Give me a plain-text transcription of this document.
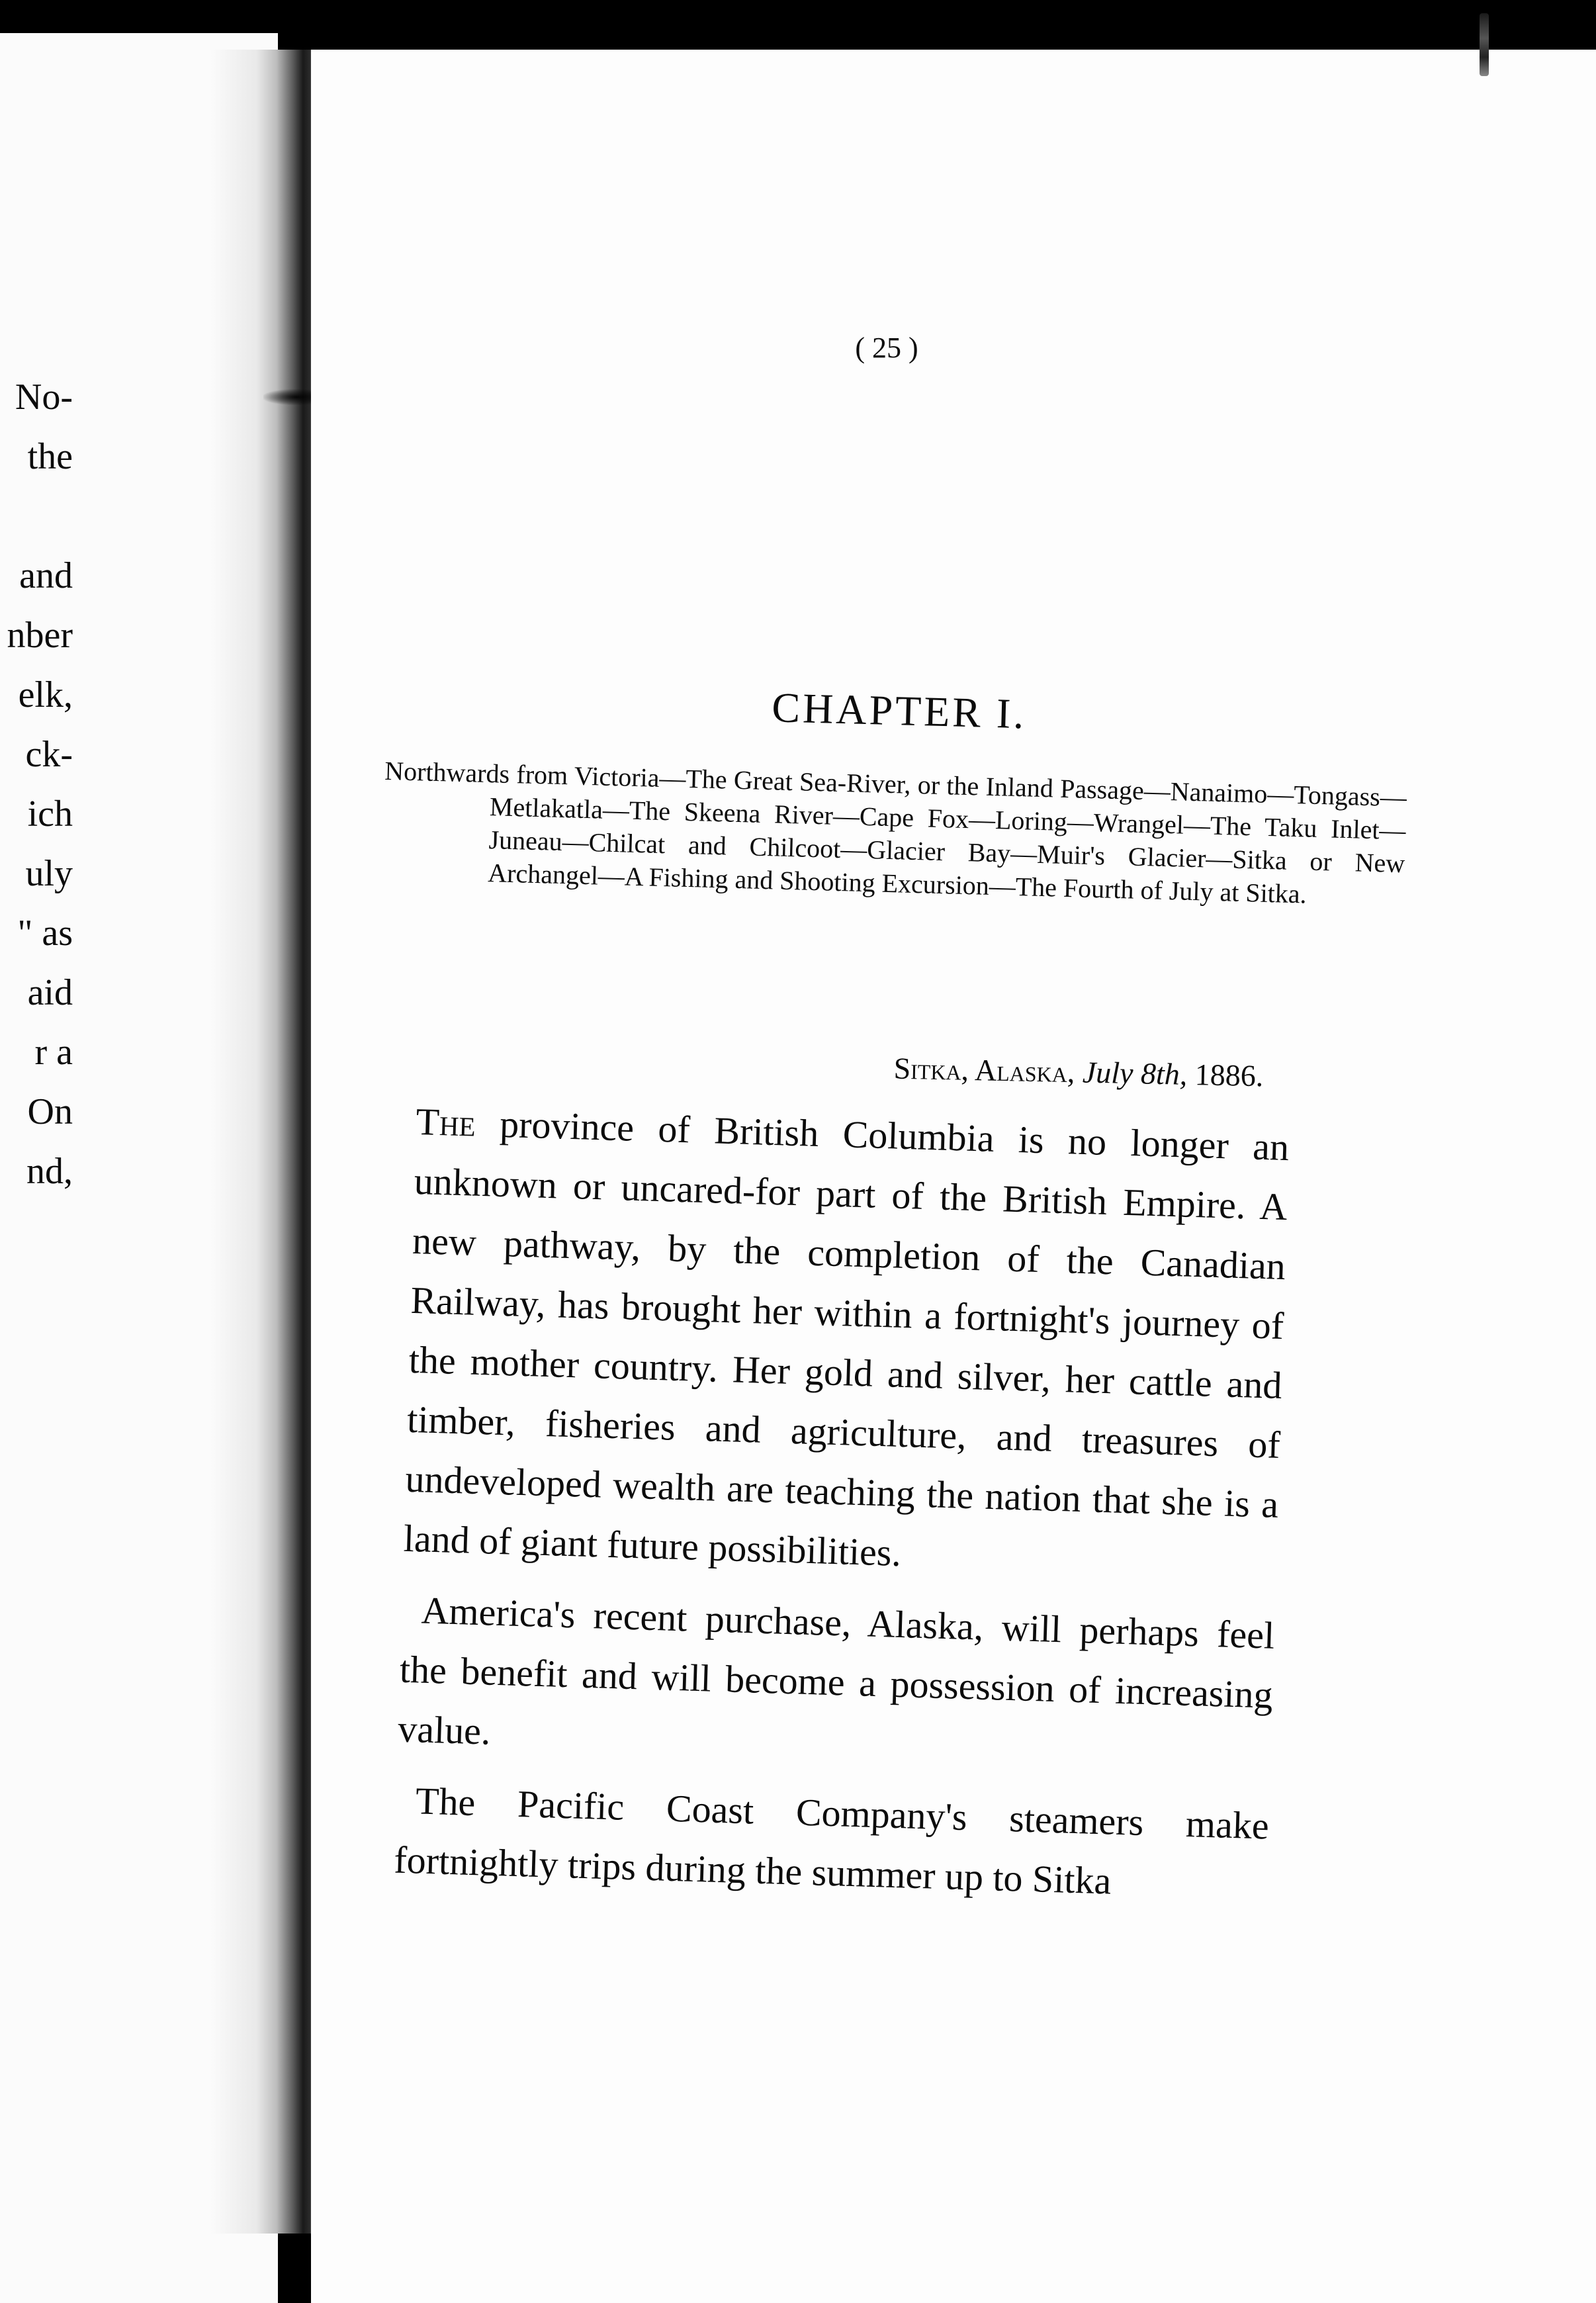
No-
the

and
nber
elk,
ck-
ich
uly
" as
aid
r a
On
nd,
( 25 )
CHAPTER I.
Northwards from Victoria—The Great Sea-River, or the Inland Passage—Nanaimo—Tongass—Metlakatla—The Skeena River—Cape Fox—Loring—Wrangel—The Taku Inlet—Juneau—Chilcat and Chilcoot—Glacier Bay—Muir's Glacier—Sitka or New Archangel—A Fishing and Shooting Excursion—The Fourth of July at Sitka.
Sitka, Alaska, July 8th, 1886.

The province of British Columbia is no longer an unknown or uncared-for part of the British Empire. A new pathway, by the completion of the Canadian Railway, has brought her within a fortnight's journey of the mother country. Her gold and silver, her cattle and timber, fisheries and agriculture, and treasures of undeveloped wealth are teaching the nation that she is a land of giant future possibilities.

America's recent purchase, Alaska, will perhaps feel the benefit and will become a possession of increasing value.

The Pacific Coast Company's steamers make fortnightly trips during the summer up to Sitka
